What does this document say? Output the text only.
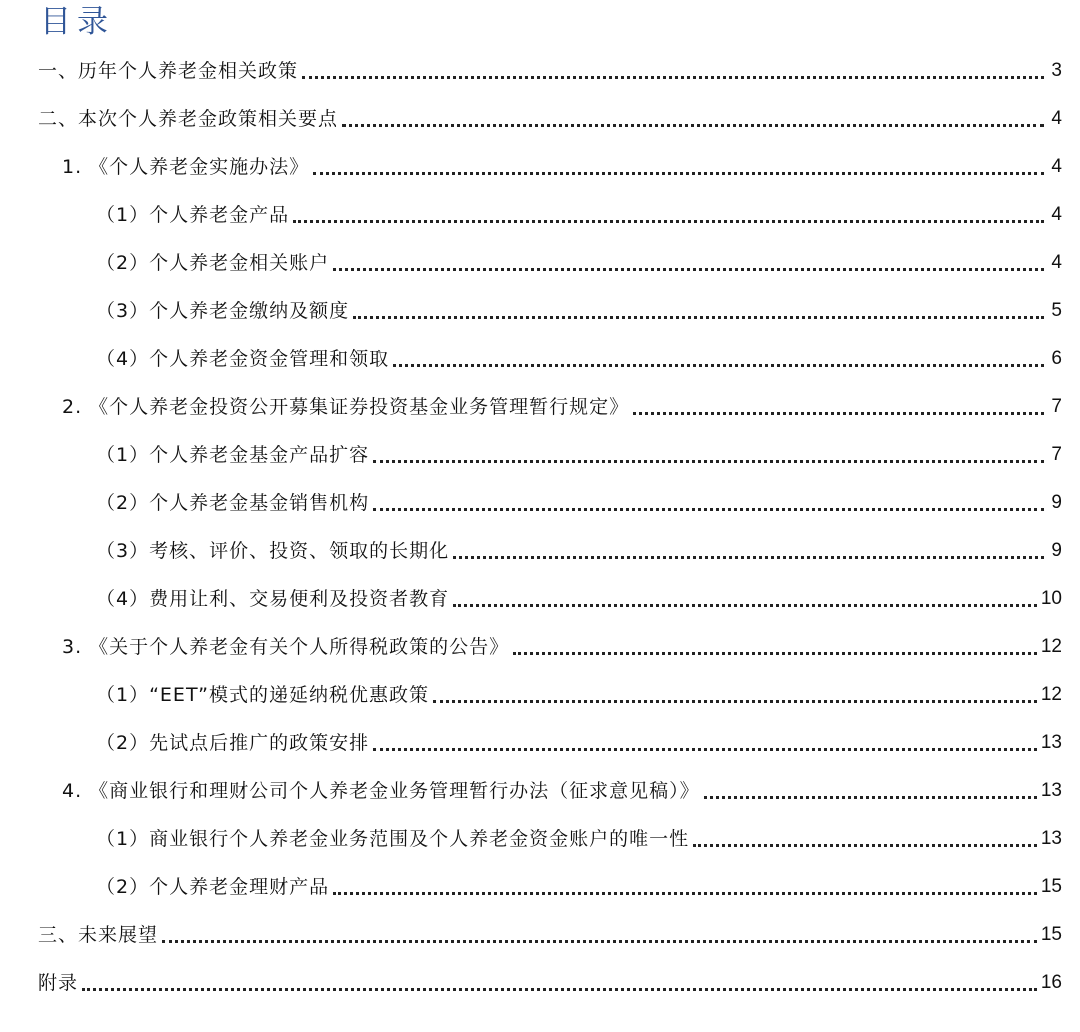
目录
一、历年个人养老金相关政策	3
二、本次个人养老金政策相关要点	4
1. 《个人养老金实施办法》	4
（1）个人养老金产品	4
（2）个人养老金相关账户	4
（3）个人养老金缴纳及额度	5
（4）个人养老金资金管理和领取	6
2. 《个人养老金投资公开募集证券投资基金业务管理暂行规定》	7
（1）个人养老金基金产品扩容	7
（2）个人养老金基金销售机构	9
（3）考核、评价、投资、领取的长期化	9
（4）费用让利、交易便利及投资者教育	10
3. 《关于个人养老金有关个人所得税政策的公告》	12
（1）“EET”模式的递延纳税优惠政策	12
（2）先试点后推广的政策安排	13
4. 《商业银行和理财公司个人养老金业务管理暂行办法（征求意见稿）》	13
（1）商业银行个人养老金业务范围及个人养老金资金账户的唯一性	13
（2）个人养老金理财产品	15
三、未来展望	15
附录	16
